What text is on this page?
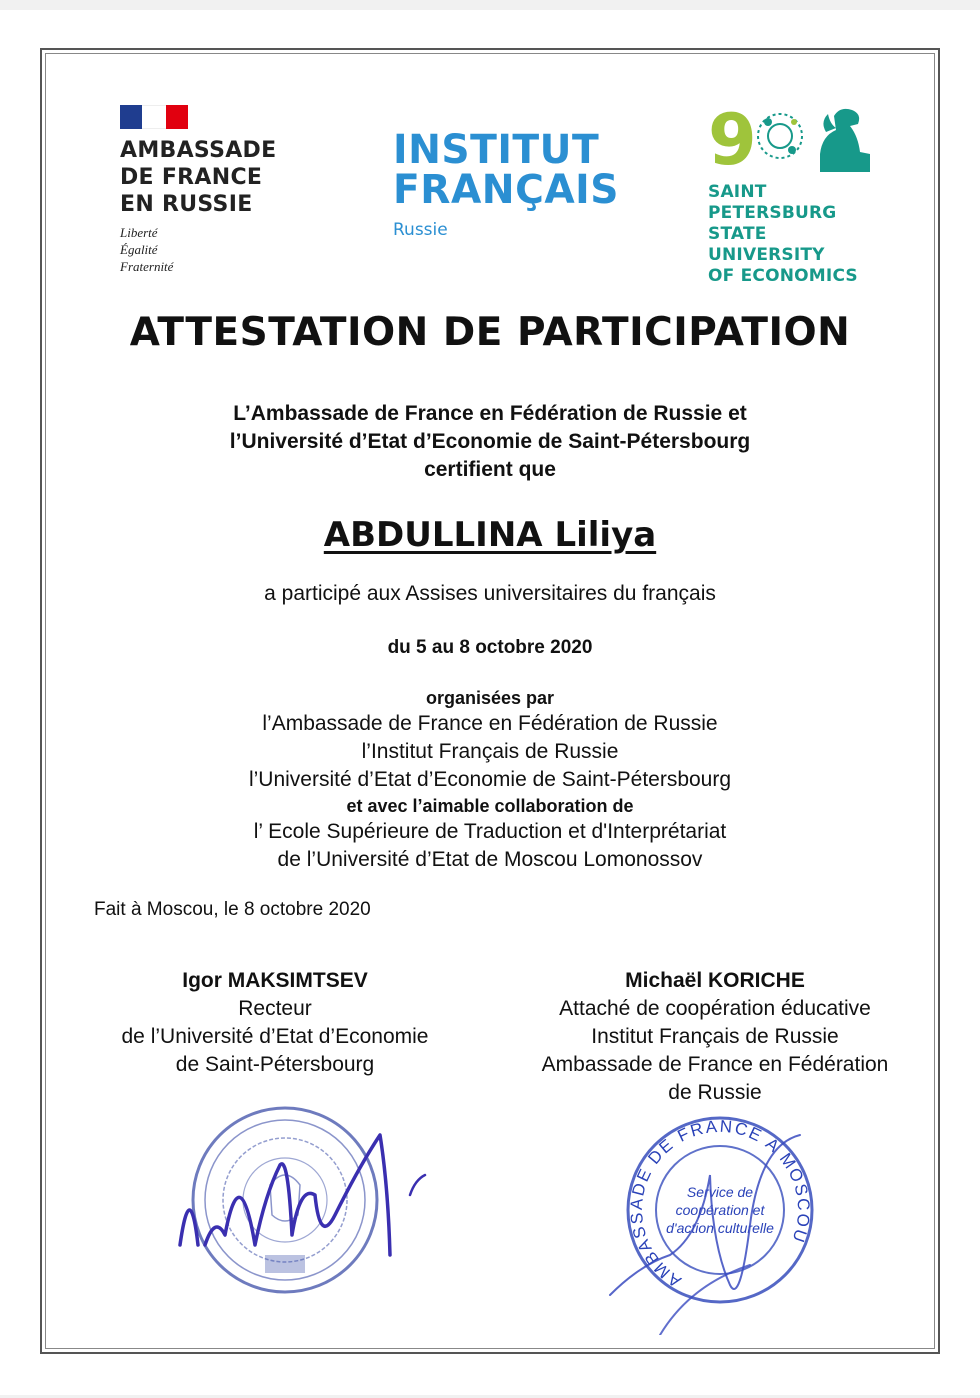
AMBASSADE
DE FRANCE
EN RUSSIE
Liberté
Égalité
Fraternité
INSTITUT
FRANÇAIS
Russie
9
SAINT PETERSBURG
STATE UNIVERSITY
OF ECONOMICS
ATTESTATION DE PARTICIPATION
L’Ambassade de France en Fédération de Russie et
l’Université d’Etat d’Economie de Saint-Pétersbourg
certifient que
ABDULLINA Liliya
a participé aux Assises universitaires du français
du 5 au 8 octobre 2020
organisées par
l’Ambassade de France en Fédération de Russie
l’Institut Français de Russie
l’Université d’Etat d’Economie de Saint-Pétersbourg
et avec l’aimable collaboration de
l’ Ecole Supérieure de Traduction et d'Interprétariat
de l’Université d’Etat de Moscou Lomonossov
Fait à Moscou, le 8 octobre 2020
Igor MAKSIMTSEV
Recteur
de l’Université d’Etat d’Economie
de Saint-Pétersbourg
Michaël KORICHE
Attaché de coopération éducative
Institut Français de Russie
Ambassade de France en Fédération
de Russie
Service de
coopération et
d'action culturelle
AMBASSADE DE FRANCE A MOSCOU
